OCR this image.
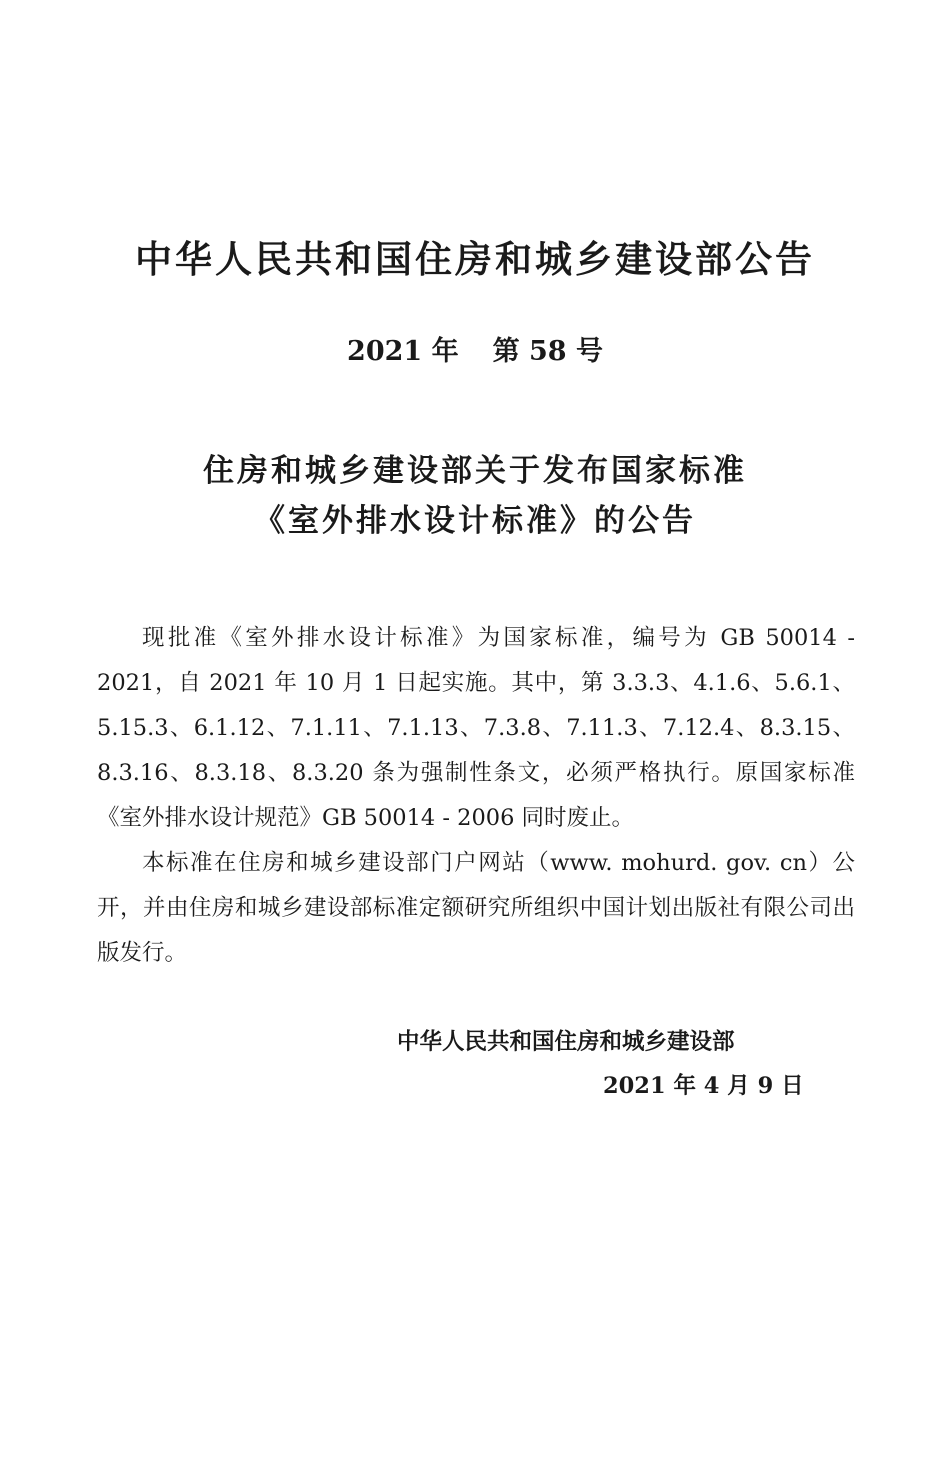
中华人民共和国住房和城乡建设部公告
2021 年 第 58 号
住房和城乡建设部关于发布国家标准
《室外排水设计标准》的公告

现批准《室外排水设计标准》为国家标准，编号为 GB 50014 - 2021，自 2021 年 10 月 1 日起实施。其中，第 3.3.3、4.1.6、5.6.1、5.15.3、6.1.12、7.1.11、7.1.13、7.3.8、7.11.3、7.12.4、8.3.15、8.3.16、8.3.18、8.3.20 条为强制性条文，必须严格执行。原国家标准《室外排水设计规范》GB 50014 - 2006 同时废止。

本标准在住房和城乡建设部门户网站（www. mohurd. gov. cn）公开，并由住房和城乡建设部标准定额研究所组织中国计划出版社有限公司出版发行。

中华人民共和国住房和城乡建设部
2021 年 4 月 9 日
